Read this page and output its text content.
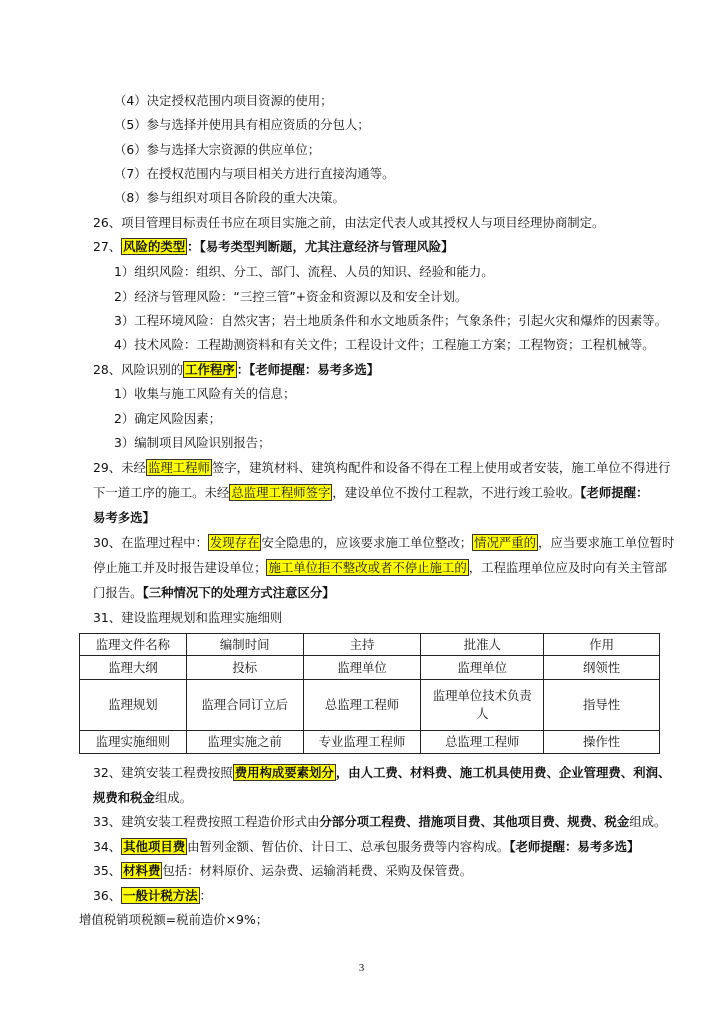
（4）决定授权范围内项目资源的使用；
（5）参与选择并使用具有相应资质的分包人；
（6）参与选择大宗资源的供应单位；
（7）在授权范围内与项目相关方进行直接沟通等。
（8）参与组织对项目各阶段的重大决策。
26、项目管理目标责任书应在项目实施之前，由法定代表人或其授权人与项目经理协商制定。
27、 风险的类型 ：【易考类型判断题，尤其注意经济与管理风险】
1）组织风险：组织、分工、部门、流程、人员的知识、经验和能力。
2）经济与管理风险：“三控三管”+资金和资源以及和安全计划。
3）工程环境风险：自然灾害；岩土地质条件和水文地质条件；气象条件；引起火灾和爆炸的因素等。
4）技术风险：工程勘测资料和有关文件；工程设计文件；工程施工方案；工程物资；工程机械等。
28、风险识别的 工作程序 ：【老师提醒：易考多选】
1）收集与施工风险有关的信息；
2）确定风险因素；
3）编制项目风险识别报告；
29、未经 监理工程师 签字，建筑材料、建筑构配件和设备不得在工程上使用或者安装，施工单位不得进行
下一道工序的施工。未经 总监理工程师签字 ，建设单位不拨付工程款，不进行竣工验收。【老师提醒：
易考多选】
30、在监理过程中： 发现存在 安全隐患的，应该要求施工单位整改； 情况严重的 ，应当要求施工单位暂时
停止施工并及时报告建设单位； 施工单位拒不整改或者不停止施工的 ，工程监理单位应及时向有关主管部
门报告。【三种情况下的处理方式注意区分】
31、建设监理规划和监理实施细则
监理文件名称	编制时间	主持	批准人	作用
监理大纲	投标	监理单位	监理单位	纲领性
监理规划	监理合同订立后	总监理工程师	监理单位技术负责人	指导性
监理实施细则	监理实施之前	专业监理工程师	总监理工程师	操作性
32、建筑安装工程费按照 费用构成要素划分 ，由人工费、材料费、施工机具使用费、企业管理费、利润、
规费和税金组成。
33、建筑安装工程费按照工程造价形式由分部分项工程费、措施项目费、其他项目费、规费、税金组成。
34、 其他项目费 由暂列金额、暂估价、计日工、总承包服务费等内容构成。【老师提醒：易考多选】
35、 材料费 包括：材料原价、运杂费、运输消耗费、采购及保管费。
36、 一般计税方法 ：
增值税销项税额=税前造价×9%；
3
